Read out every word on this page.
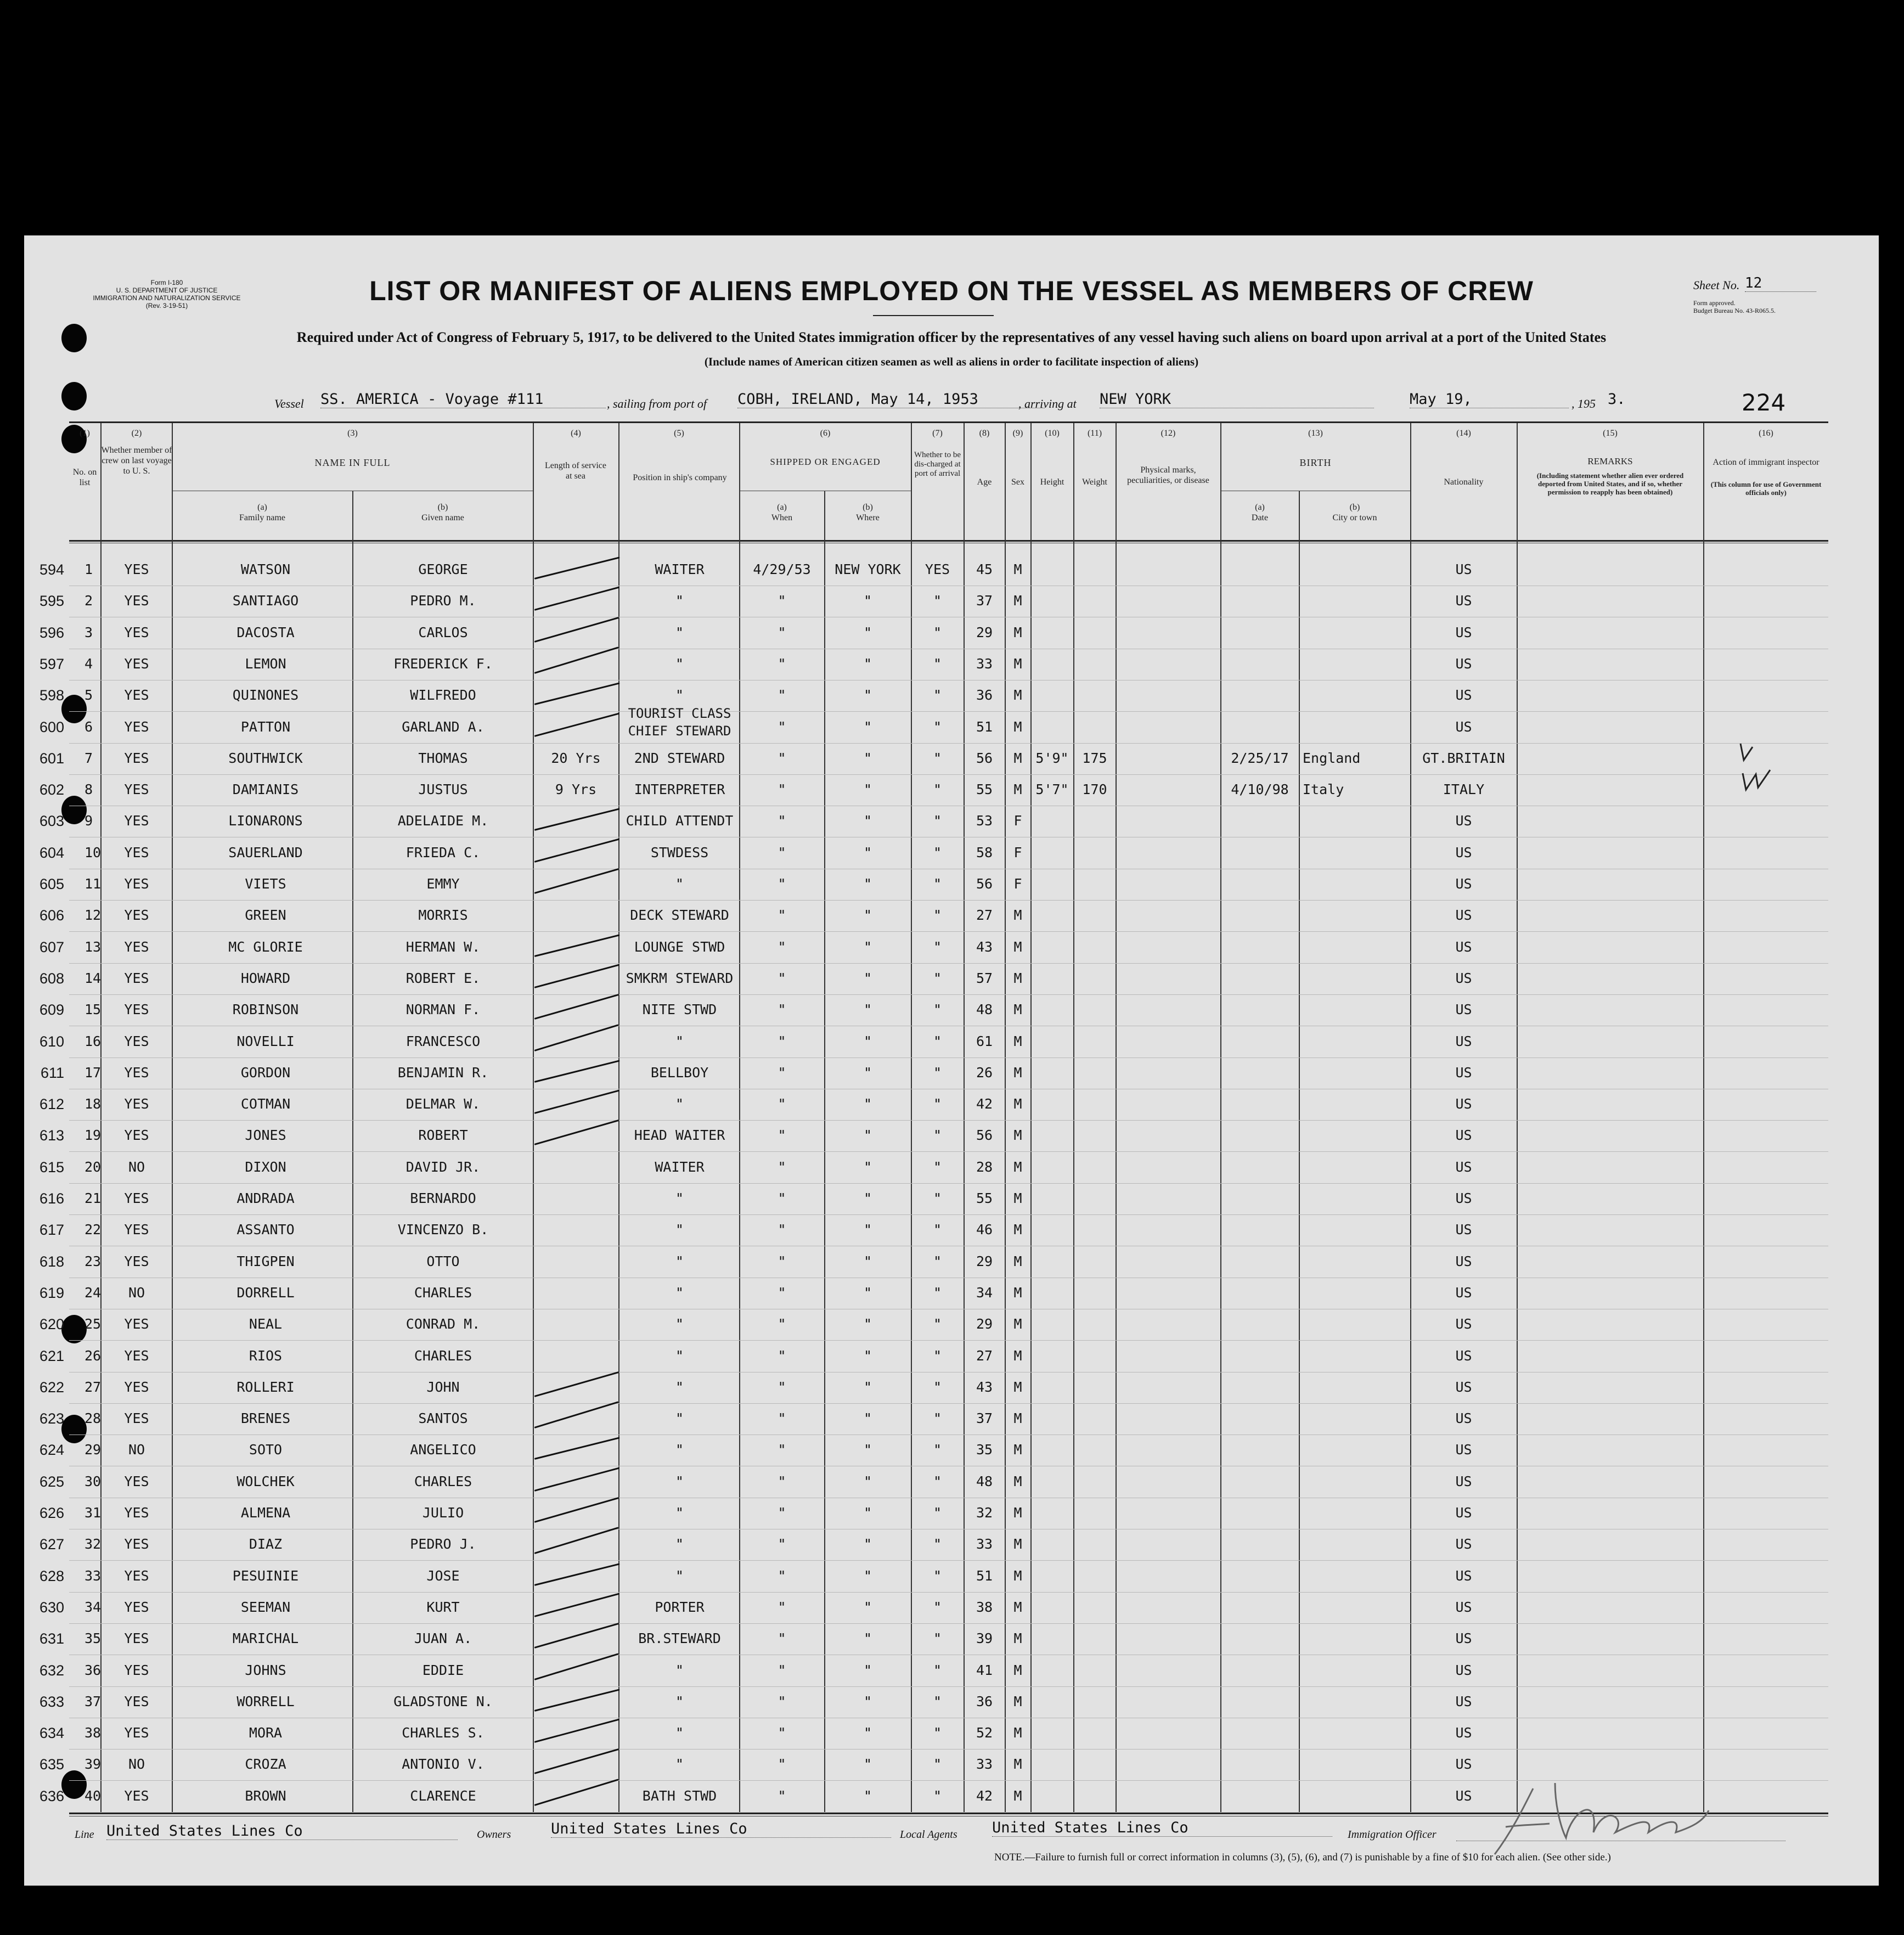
Form I-180
U. S. DEPARTMENT OF JUSTICE
IMMIGRATION AND NATURALIZATION SERVICE
(Rev. 3-19-51)	LIST OR MANIFEST OF ALIENS EMPLOYED ON THE VESSEL AS MEMBERS OF CREW
Required under Act of Congress of February 5, 1917, to be delivered to the United States immigration officer by the representatives of any vessel having such aliens on board upon arrival at a port of the United States
(Include names of American citizen seamen as well as aliens in order to facilitate inspection of aliens)
Sheet No. 12
Form approved.
Budget Bureau No. 43-R065.5.
Vessel SS. AMERICA - Voyage #111	, sailing from port of COBH, IRELAND, May 14, 1953	, arriving at NEW YORK	May 19,	, 195 3.	224
(2)
Whether member of crew on last voyage to U. S.
(1)
No. on list
(3)
NAME IN FULL
(a)
Family name
(b)
Given name
(4)
Length of service at sea
(5)
Position in ship's company
(6)
SHIPPED OR ENGAGED
(a)
When
(b)
Where
(7)
Whether to be dis-charged at port of arrival
(8)
Age
(9)
Sex
(10)
Height
(11)
Weight
(12)
Physical marks, peculiarities, or disease
(13)
BIRTH
(a)
Date
(b)
City or town
(14)
Nationality
(15)
REMARKS
(Including statement whether alien ever ordered deported from United States, and if so, whether permission to reapply has been obtained)
(16)
Action of immigrant inspector
(This column for use of Government officials only)
594 1	YES	WATSON	GEORGE	WAITER	4/29/53	NEW YORK	YES	45	M	US
595 2	YES	SANTIAGO	PEDRO M.	"	"	"	"	37	M	US
596 3	YES	DACOSTA	CARLOS	"	"	"	"	29	M	US
597 4	YES	LEMON	FREDERICK F.	"	"	"	"	33	M	US
598 5	YES	QUINONES	WILFREDO	"	"	"	"	36	M	US
600 6	YES	PATTON	GARLAND A.
TOURIST CLASS
CHIEF STEWARD	"	"	"	51	M	US
601 7	YES	SOUTHWICK	THOMAS	20 Yrs	2ND STEWARD	"	"	"	56	M 5'9" 175	2/25/17	England	GT.BRITAIN
602 8	YES	DAMIANIS	JUSTUS	9 Yrs	INTERPRETER	"	"	"	55	M 5'7" 170	4/10/98	Italy	ITALY
603 9	YES	LIONARONS	ADELAIDE M.	CHILD ATTENDT	"	"	"	53	F	US
604 10	YES	SAUERLAND	FRIEDA C.	STWDESS	"	"	"	58	F	US
605 11	YES	VIETS	EMMY	"	"	"	"	56	F	US
606 12	YES	GREEN	MORRIS	DECK STEWARD	"	"	"	27	M	US
607 13	YES	MC GLORIE	HERMAN W.	LOUNGE STWD	"	"	"	43	M	US
608 14	YES	HOWARD	ROBERT E.	SMKRM STEWARD	"	"	"	57	M	US
609 15	YES	ROBINSON	NORMAN F.	NITE STWD	"	"	"	48	M	US
610 16	YES	NOVELLI	FRANCESCO	"	"	"	"	61	M	US
611 17	YES	GORDON	BENJAMIN R.	BELLBOY	"	"	"	26	M	US
612 18	YES	COTMAN	DELMAR W.	"	"	"	"	42	M	US
613 19	YES	JONES	ROBERT	HEAD WAITER	"	"	"	56	M	US
615 20	NO	DIXON	DAVID JR.	WAITER	"	"	"	28	M	US
616 21	YES	ANDRADA	BERNARDO	"	"	"	"	55	M	US
617 22	YES	ASSANTO	VINCENZO B.	"	"	"	"	46	M	US
618 23	YES	THIGPEN	OTTO	"	"	"	"	29	M	US
619 24	NO	DORRELL	CHARLES	"	"	"	"	34	M	US
620 25	YES	NEAL	CONRAD M.	"	"	"	"	29	M	US
621 26	YES	RIOS	CHARLES	"	"	"	"	27	M	US
622 27	YES	ROLLERI	JOHN	"	"	"	"	43	M	US
623 28	YES	BRENES	SANTOS	"	"	"	"	37	M	US
624 29	NO	SOTO	ANGELICO	"	"	"	"	35	M	US
625 30	YES	WOLCHEK	CHARLES	"	"	"	"	48	M	US
626 31	YES	ALMENA	JULIO	"	"	"	"	32	M	US
627 32	YES	DIAZ	PEDRO J.	"	"	"	"	33	M	US
628 33	YES	PESUINIE	JOSE	"	"	"	"	51	M	US
630 34	YES	SEEMAN	KURT	PORTER	"	"	"	38	M	US
631 35	YES	MARICHAL	JUAN A.	BR.STEWARD	"	"	"	39	M	US
632 36	YES	JOHNS	EDDIE	"	"	"	"	41	M	US
633 37	YES	WORRELL	GLADSTONE N.	"	"	"	"	36	M	US
634 38	YES	MORA	CHARLES S.	"	"	"	"	52	M	US
635 39	NO	CROZA	ANTONIO V.	"	"	"	"	33	M	US
636 40	YES	BROWN	CLARENCE	BATH STWD	"	"	"	42	M	US
Line United States Lines Co	Owners	United States Lines Co	Local Agents United States Lines Co	Immigration Officer
NOTE.—Failure to furnish full or correct information in columns (3), (5), (6), and (7) is punishable by a fine of $10 for each alien. (See other side.)
